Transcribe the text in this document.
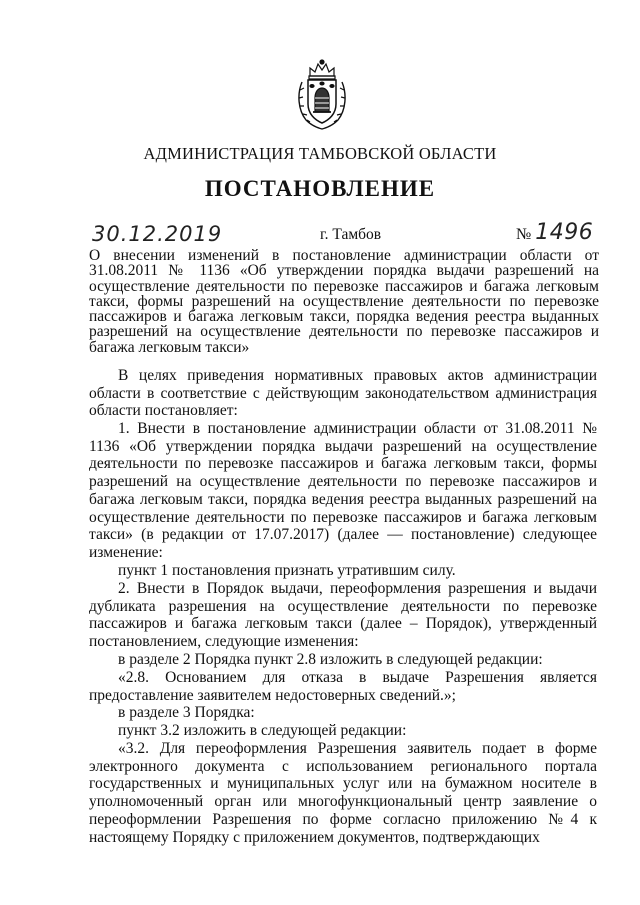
АДМИНИСТРАЦИЯ ТАМБОВСКОЙ ОБЛАСТИ
ПОСТАНОВЛЕНИЕ
30.12.2019	г. Тамбов	№ 1496

О внесении изменений в постановление администрации области от 31.08.2011 № 1136 «Об утверждении порядка выдачи разрешений на осуществление деятельности по перевозке пассажиров и багажа легковым такси, формы разрешений на осуществление деятельности по перевозке пассажиров и багажа легковым такси, порядка ведения реестра выданных разрешений на осуществление деятельности по перевозке пассажиров и багажа легковым такси»

В целях приведения нормативных правовых актов администрации области в соответствие с действующим законодательством администрация области постановляет:

1. Внести в постановление администрации области от 31.08.2011 № 1136 «Об утверждении порядка выдачи разрешений на осуществление деятельности по перевозке пассажиров и багажа легковым такси, формы разрешений на осуществление деятельности по перевозке пассажиров и багажа легковым такси, порядка ведения реестра выданных разрешений на осуществление деятельности по перевозке пассажиров и багажа легковым такси» (в редакции от 17.07.2017) (далее — постановление) следующее изменение:

пункт 1 постановления признать утратившим силу.

2. Внести в Порядок выдачи, переоформления разрешения и выдачи дубликата разрешения на осуществление деятельности по перевозке пассажиров и багажа легковым такси (далее – Порядок), утвержденный постановлением, следующие изменения:

в разделе 2 Порядка пункт 2.8 изложить в следующей редакции:

«2.8. Основанием для отказа в выдаче Разрешения является предоставление заявителем недостоверных сведений.»;

в разделе 3 Порядка:

пункт 3.2 изложить в следующей редакции:

«3.2. Для переоформления Разрешения заявитель подает в форме электронного документа с использованием регионального портала государственных и муниципальных услуг или на бумажном носителе в уполномоченный орган или многофункциональный центр заявление о переоформлении Разрешения по форме согласно приложению №4 к настоящему Порядку с приложением документов, подтверждающих
